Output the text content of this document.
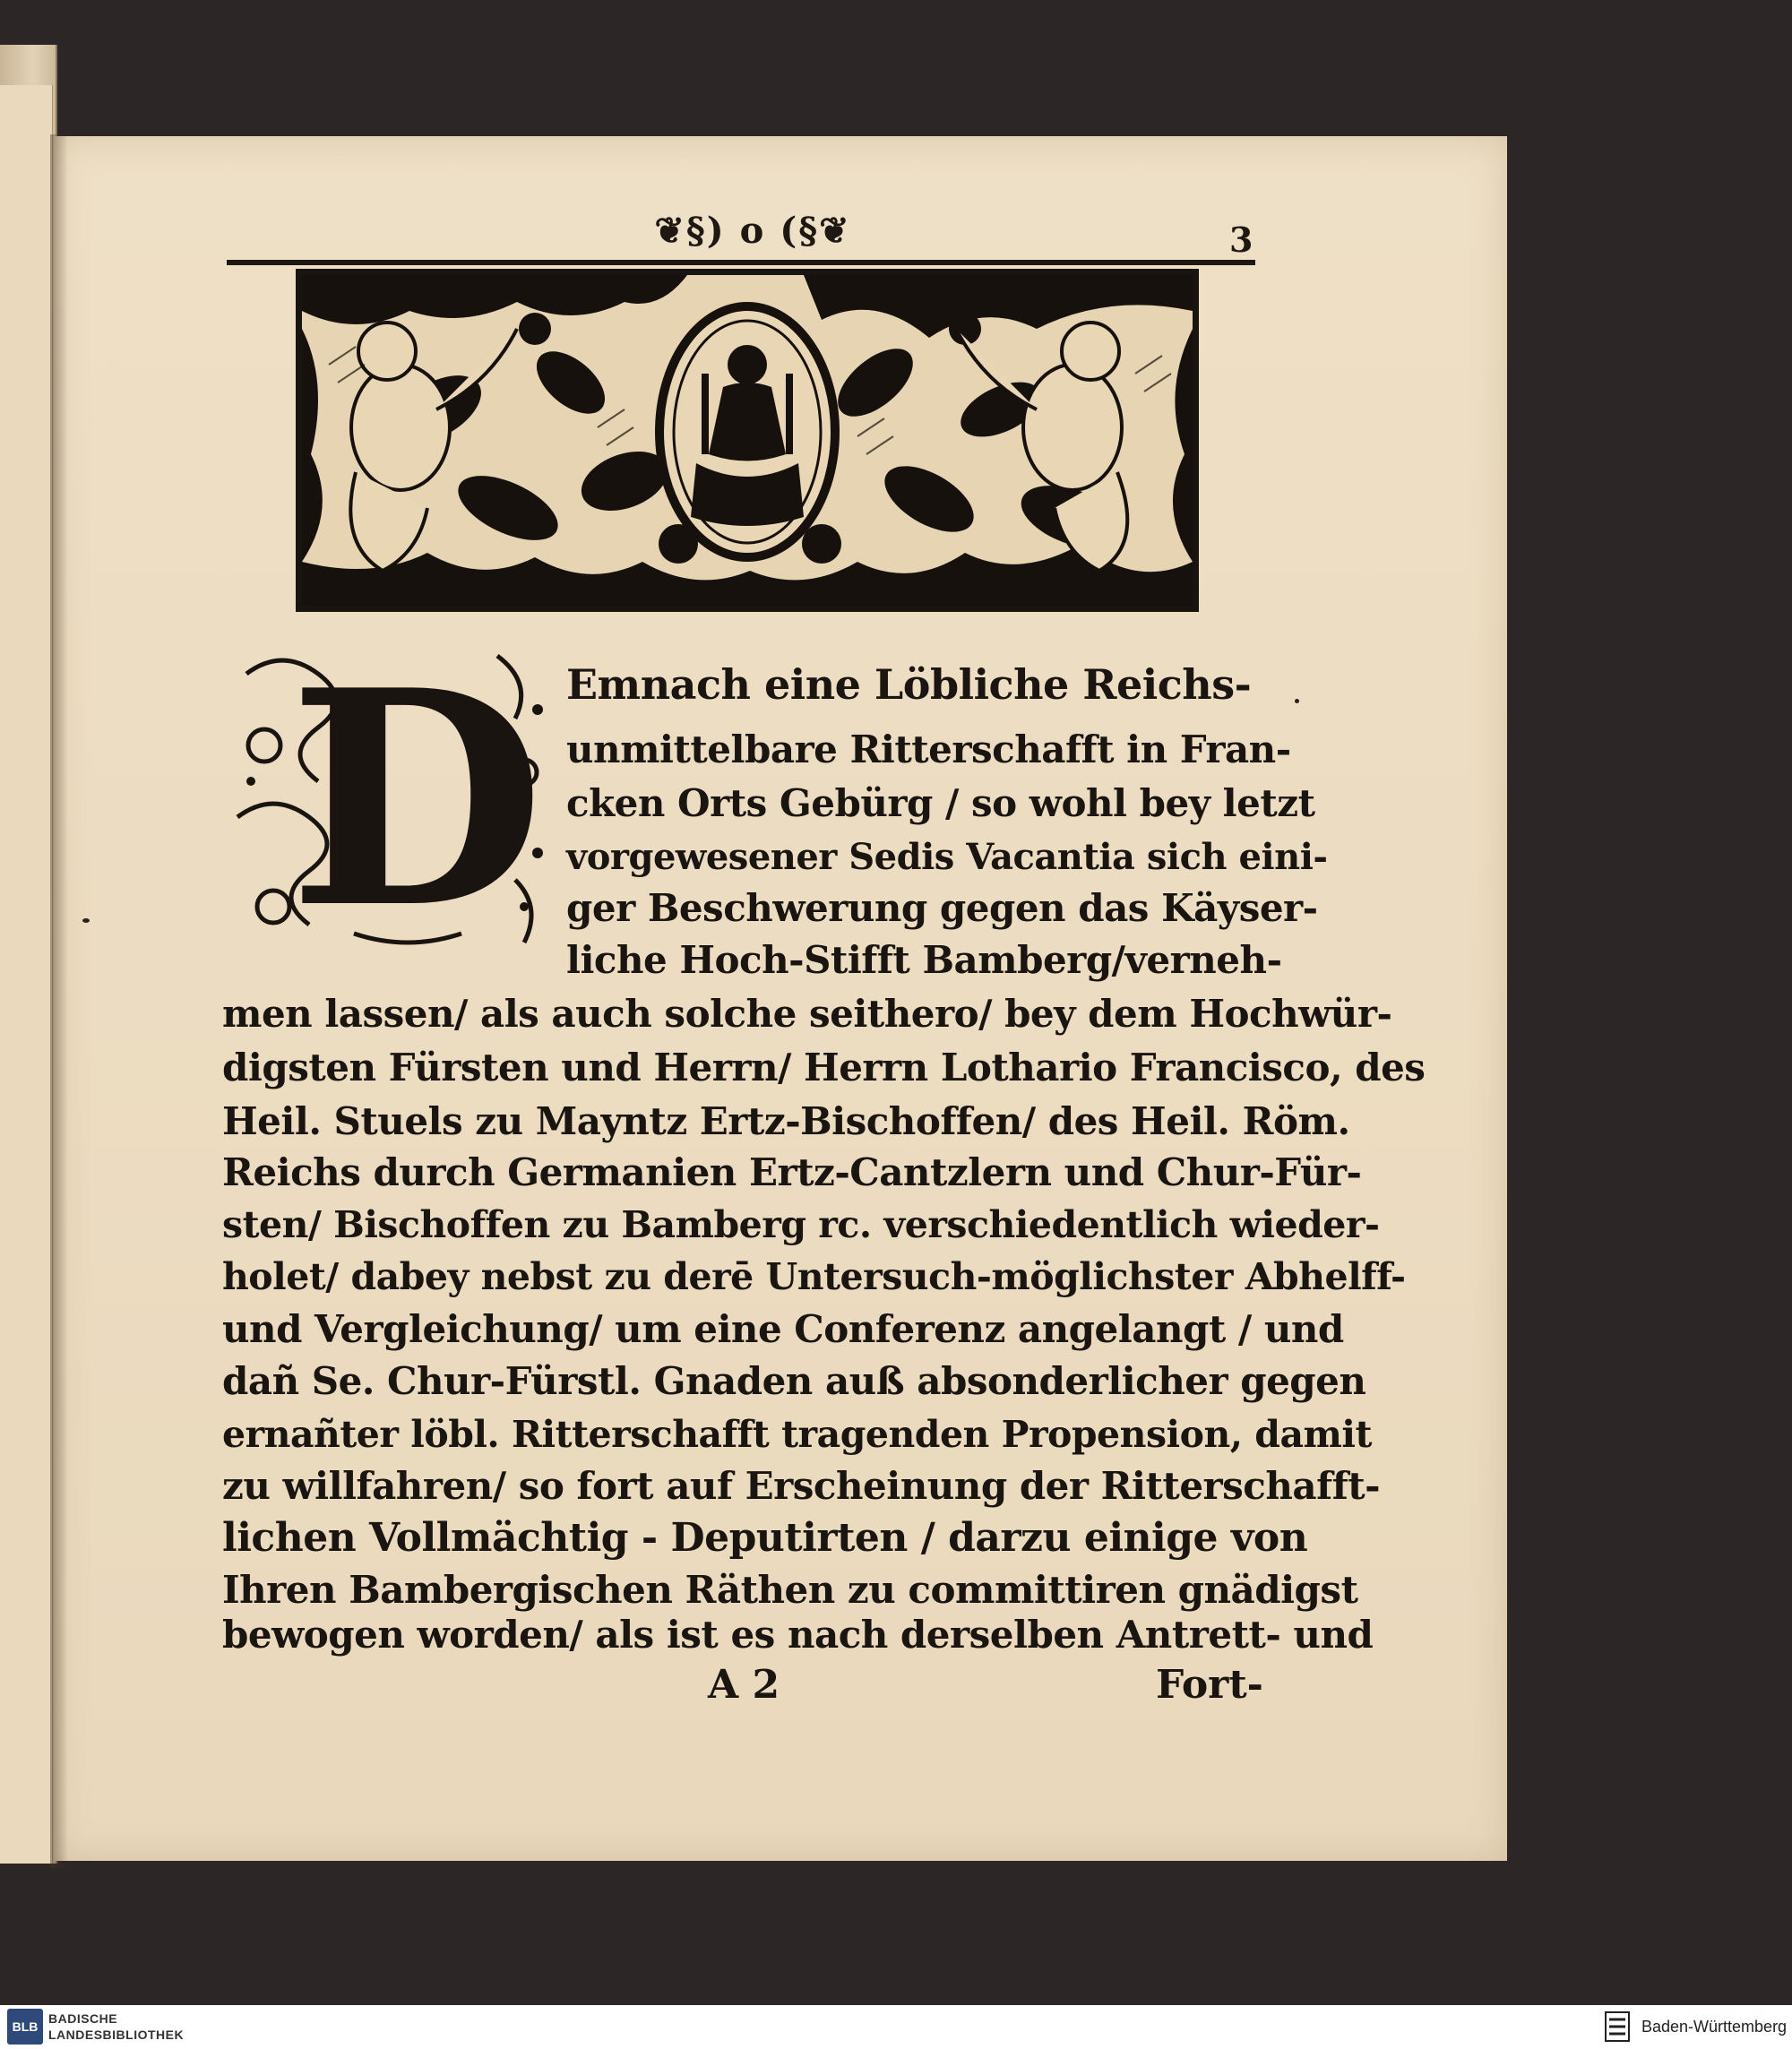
❦§) o (§❦	3
D Emnach eine Löbliche Reichs-
unmittelbare Ritterschafft in Fran-
cken Orts Gebürg / so wohl bey letzt
vorgewesener Sedis Vacantia sich eini-
ger Beschwerung gegen das Käyser-
liche Hoch-Stifft Bamberg/verneh-
men lassen/ als auch solche seithero/ bey dem Hochwür-
digsten Fürsten und Herrn/ Herrn Lothario Francisco, des
Heil. Stuels zu Mayntz Ertz-Bischoffen/ des Heil. Röm.
Reichs durch Germanien Ertz-Cantzlern und Chur-Für-
sten/ Bischoffen zu Bamberg rc. verschiedentlich wieder-
holet/ dabey nebst zu derē Untersuch-möglichster Abhelff-
und Vergleichung/ um eine Conferenz angelangt / und
dañ Se. Chur-Fürstl. Gnaden auß absonderlicher gegen
ernañter löbl. Ritterschafft tragenden Propension, damit
zu willfahren/ so fort auf Erscheinung der Ritterschafft-
lichen Vollmächtig - Deputirten / darzu einige von
Ihren Bambergischen Räthen zu committiren gnädigst
bewogen worden/ als ist es nach derselben Antrett- und
A 2	Fort-
BLB
BADISCHE
LANDESBIBLIOTHEK	Baden-Württemberg
